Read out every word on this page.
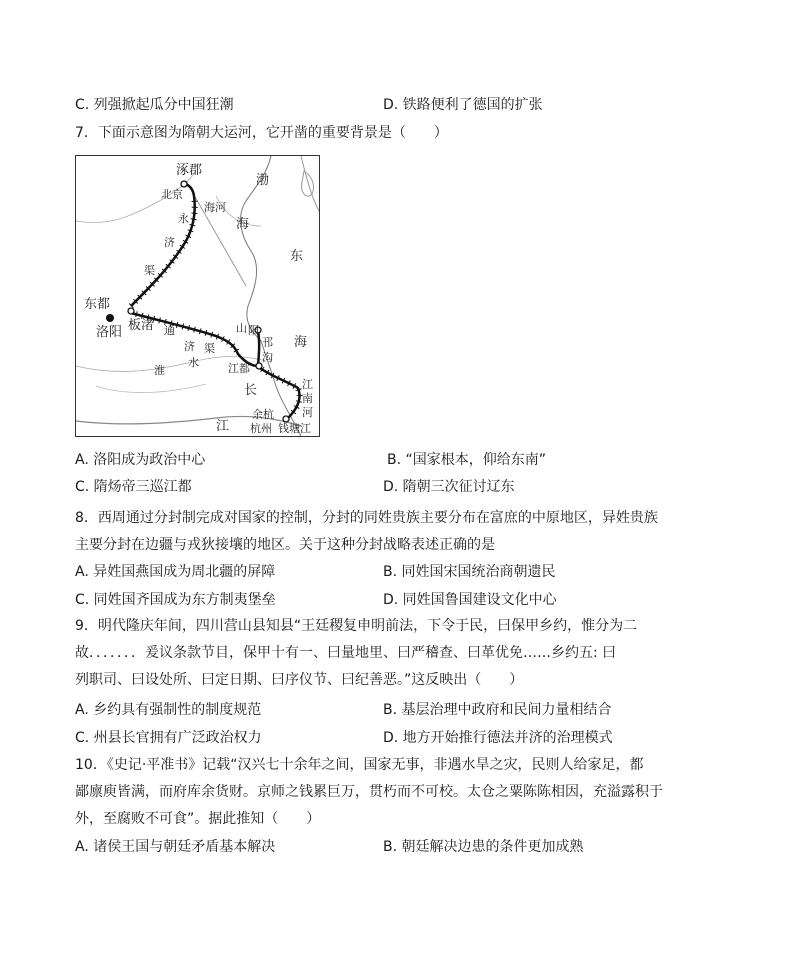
C. 列强掀起瓜分中国狂潮	D. 铁路便利了德国的扩张
7．下面示意图为隋朝大运河，它开凿的重要背景是（　　）
涿郡
北京
渤
海河
海
永
济
渠
东
东都
洛阳 板渚 通	山 阳
邗
沟
海
济 渠
水
淮	江都
长	江
南
河
余杭
杭州 钱塘江
江
A. 洛阳成为政治中心	B. “国家根本，仰给东南”
C. 隋炀帝三巡江都	D. 隋朝三次征讨辽东
8．西周通过分封制完成对国家的控制，分封的同姓贵族主要分布在富庶的中原地区，异姓贵族
主要分封在边疆与戎狄接壤的地区。关于这种分封战略表述正确的是
A. 异姓国燕国成为周北疆的屏障	B. 同姓国宋国统治商朝遗民
C. 同姓国齐国成为东方制夷堡垒	D. 同姓国鲁国建设文化中心
9．明代隆庆年间，四川营山县知县“王廷稷复申明前法，下令于民，曰保甲乡约，惟分为二
故．．．．．．．爰议条款节目，保甲十有一、曰量地里、曰严稽查、曰革优免……乡约五: 曰
列职司、曰设处所、曰定日期、曰序仪节、曰纪善恶。”这反映出（　　）
A. 乡约具有强制性的制度规范	B. 基层治理中政府和民间力量相结合
C. 州县长官拥有广泛政治权力	D. 地方开始推行德法并济的治理模式
10．《史记·平准书》记载“汉兴七十余年之间，国家无事，非遇水旱之灾，民则人给家足，都
鄙廪庾皆满，而府库余货财。京师之钱累巨万，贯朽而不可校。太仓之粟陈陈相因，充溢露积于
外，至腐败不可食”。据此推知（　　）
A. 诸侯王国与朝廷矛盾基本解决	B. 朝廷解决边患的条件更加成熟
